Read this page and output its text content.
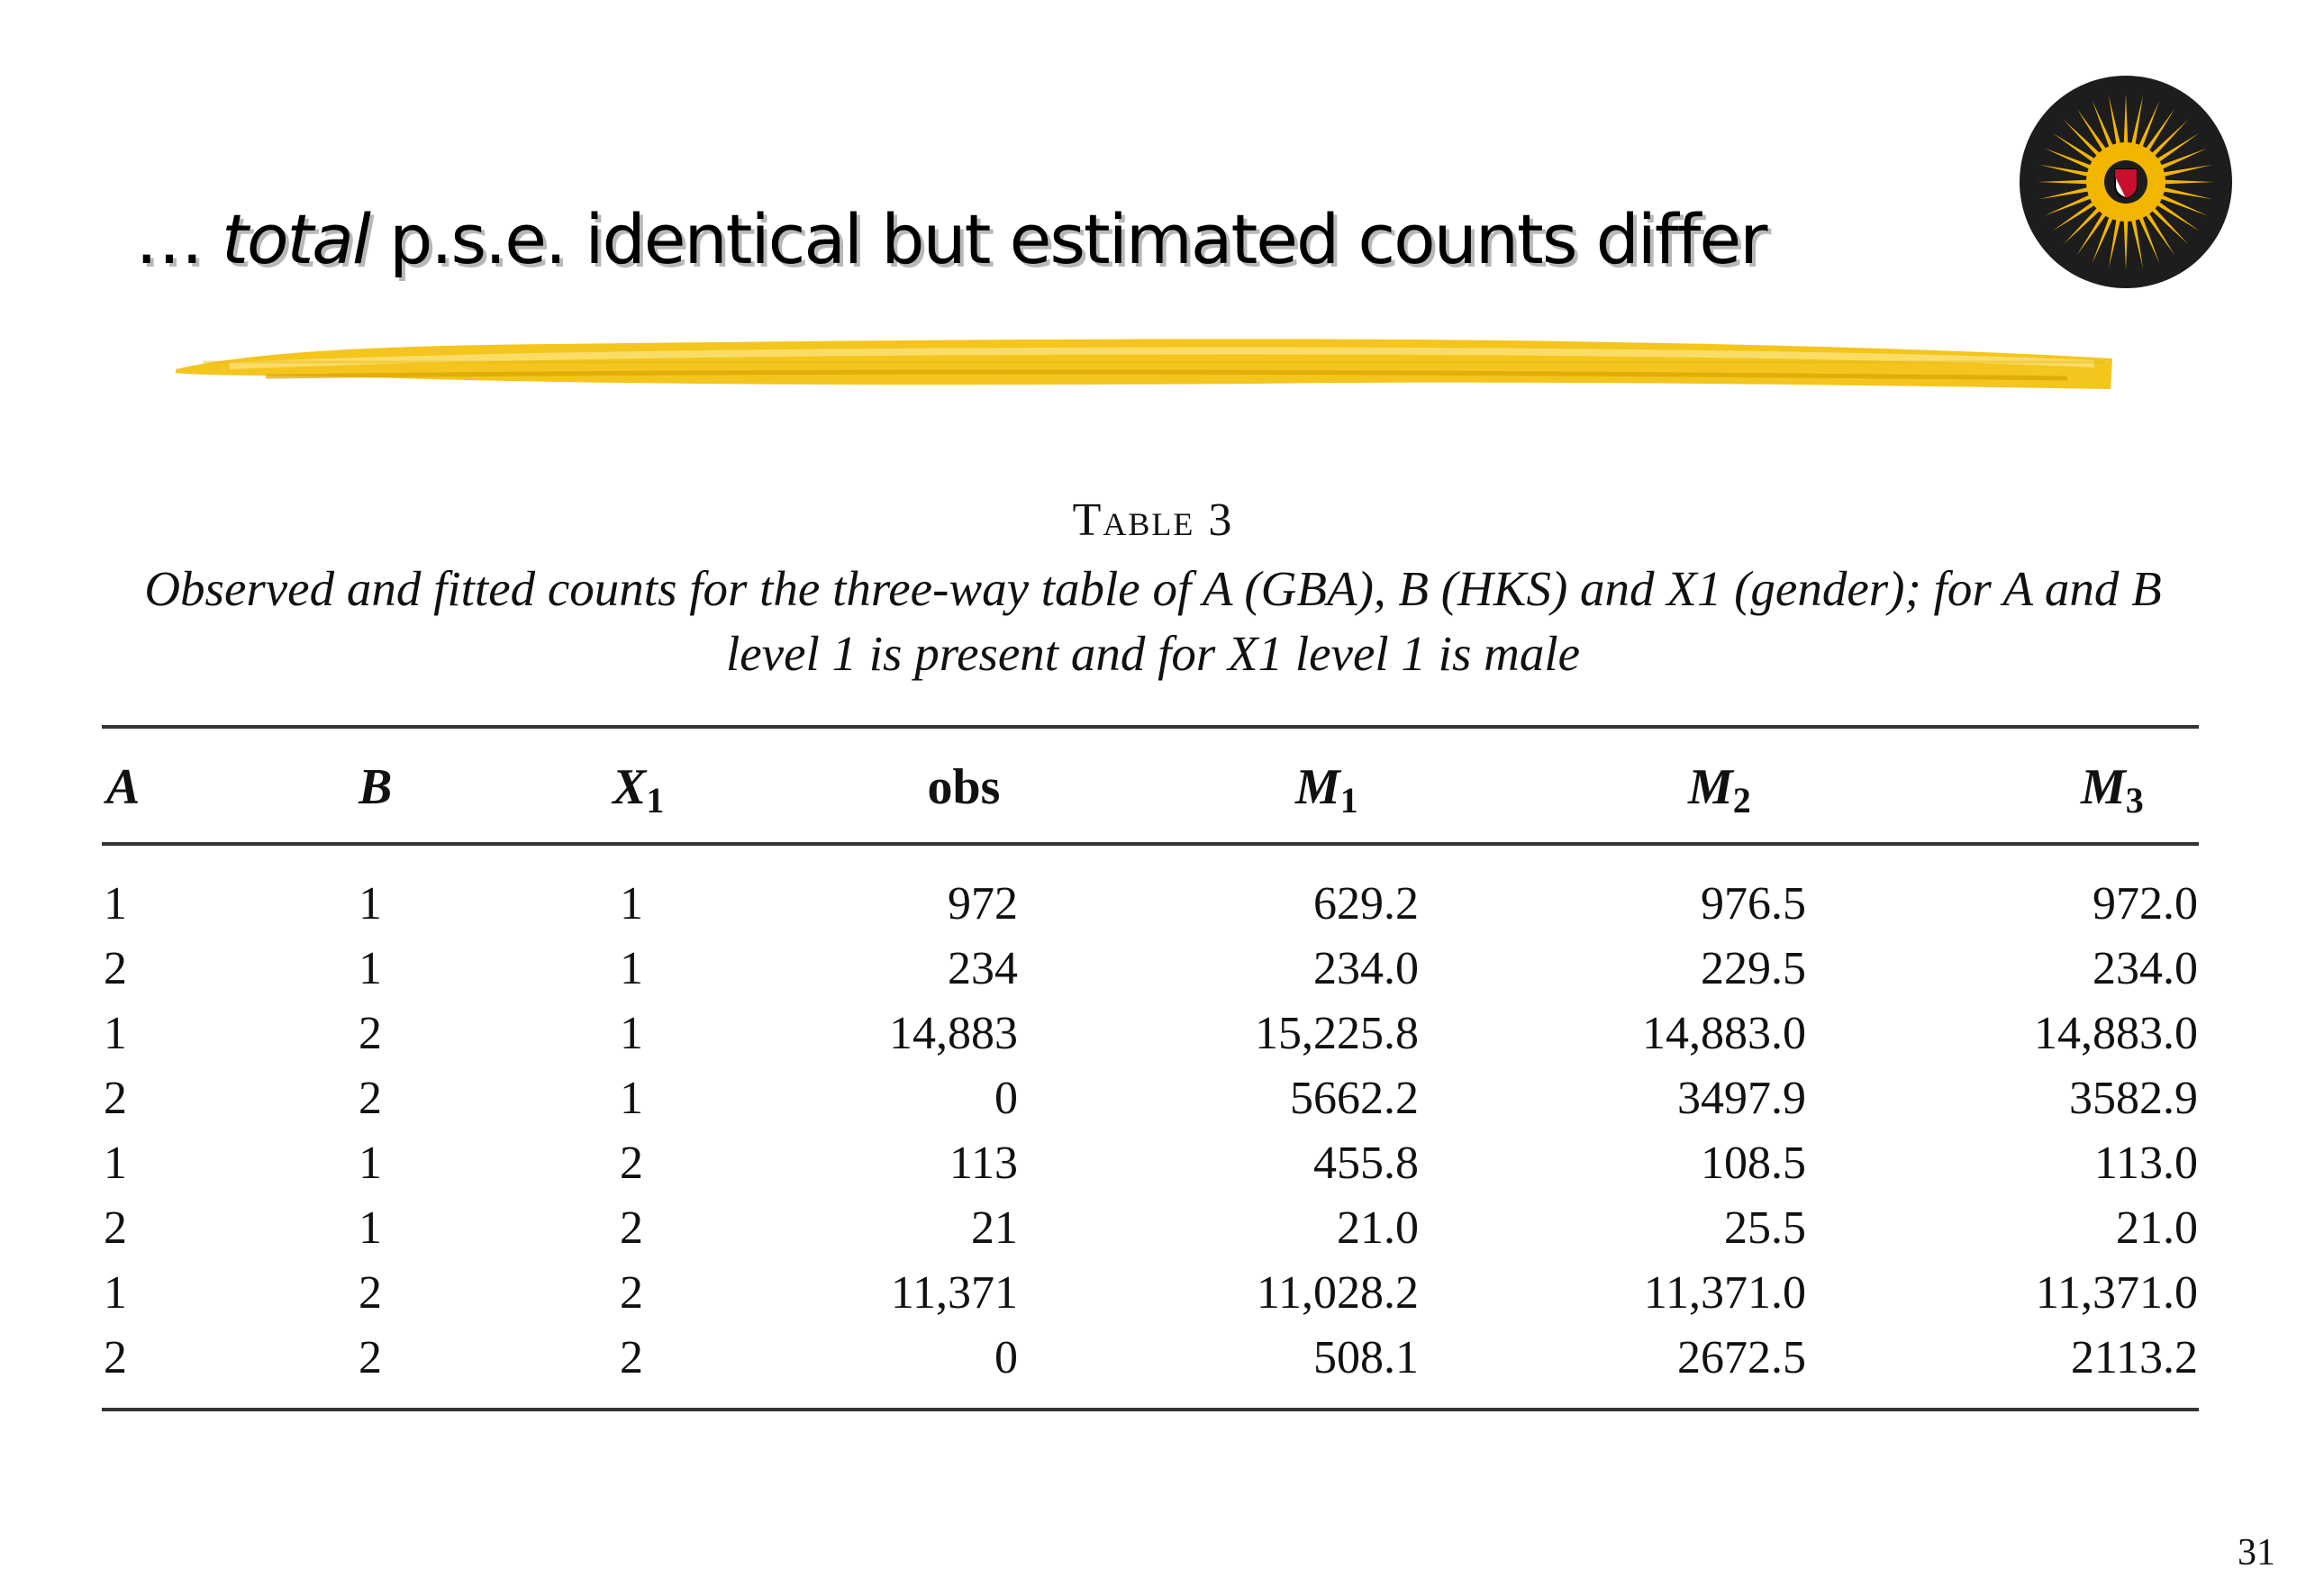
… total p.s.e. identical but estimated counts differ
Table 3
Observed and fitted counts for the three-way table of A (GBA), B (HKS) and X1 (gender); for A and B level 1 is present and for X1 level 1 is male
A	B	$X_1$	obs	$M_1$	$M_2$	$M_3$
1	1	1	972	629.2	976.5	972.0
2	1	1	234	234.0	229.5	234.0
1	2	1	14,883	15,225.8	14,883.0	14,883.0
2	2	1	0	5662.2	3497.9	3582.9
1	1	2	113	455.8	108.5	113.0
2	1	2	21	21.0	25.5	21.0
1	2	2	11,371	11,028.2	11,371.0	11,371.0
2	2	2	0	508.1	2672.5	2113.2
31
